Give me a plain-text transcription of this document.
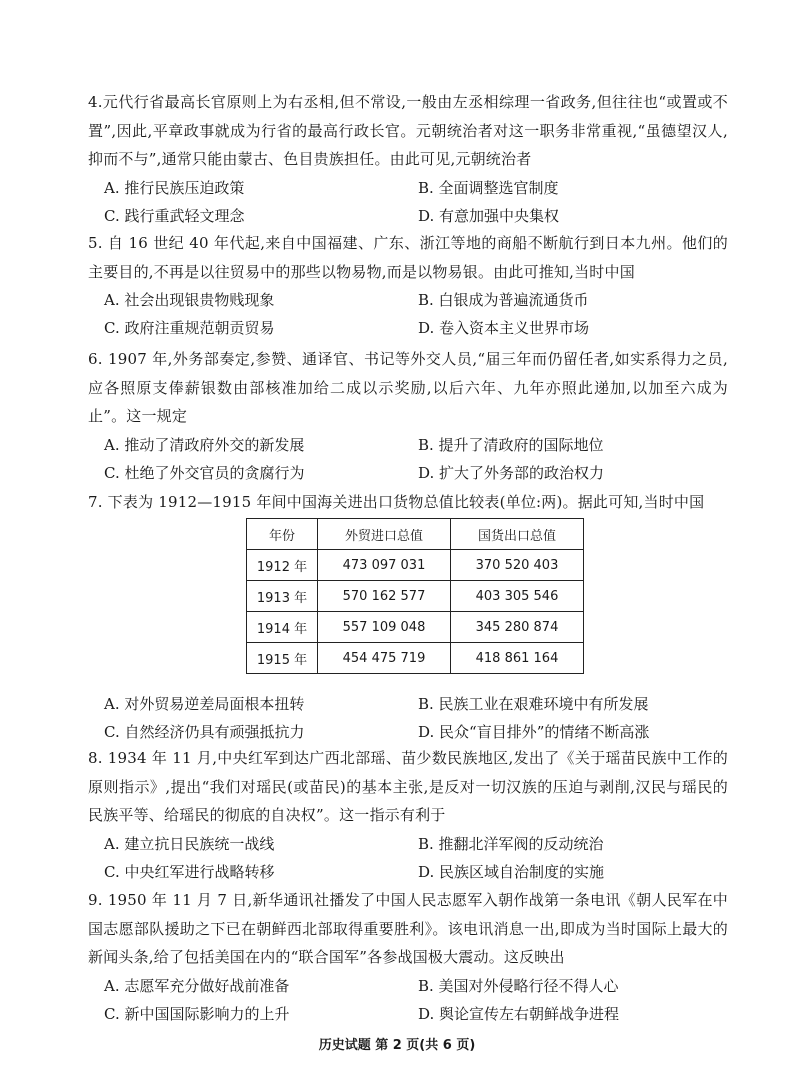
4.元代行省最高长官原则上为右丞相,但不常设,一般由左丞相综理一省政务,但往往也“或置或不置”,因此,平章政事就成为行省的最高行政长官。元朝统治者对这一职务非常重视,“虽德望汉人,抑而不与”,通常只能由蒙古、色目贵族担任。由此可见,元朝统治者

A. 推行民族压迫政策	B. 全面调整选官制度
C. 践行重武轻文理念	D. 有意加强中央集权

5. 自 16 世纪 40 年代起,来自中国福建、广东、浙江等地的商船不断航行到日本九州。他们的主要目的,不再是以往贸易中的那些以物易物,而是以物易银。由此可推知,当时中国

A. 社会出现银贵物贱现象	B. 白银成为普遍流通货币
C. 政府注重规范朝贡贸易	D. 卷入资本主义世界市场

6. 1907 年,外务部奏定,参赞、通译官、书记等外交人员,“届三年而仍留任者,如实系得力之员,应各照原支俸薪银数由部核准加给二成以示奖励,以后六年、九年亦照此递加,以加至六成为止”。这一规定

A. 推动了清政府外交的新发展	B. 提升了清政府的国际地位
C. 杜绝了外交官员的贪腐行为	D. 扩大了外务部的政治权力

7. 下表为 1912—1915 年间中国海关进出口货物总值比较表(单位:两)。据此可知,当时中国

年份	外贸进口总值	国货出口总值
1912 年	473 097 031	370 520 403
1913 年	570 162 577	403 305 546
1914 年	557 109 048	345 280 874
1915 年	454 475 719	418 861 164
A. 对外贸易逆差局面根本扭转	B. 民族工业在艰难环境中有所发展
C. 自然经济仍具有顽强抵抗力	D. 民众“盲目排外”的情绪不断高涨

8. 1934 年 11 月,中央红军到达广西北部瑶、苗少数民族地区,发出了《关于瑶苗民族中工作的原则指示》,提出“我们对瑶民(或苗民)的基本主张,是反对一切汉族的压迫与剥削,汉民与瑶民的民族平等、给瑶民的彻底的自决权”。这一指示有利于

A. 建立抗日民族统一战线	B. 推翻北洋军阀的反动统治
C. 中央红军进行战略转移	D. 民族区域自治制度的实施

9. 1950 年 11 月 7 日,新华通讯社播发了中国人民志愿军入朝作战第一条电讯《朝人民军在中国志愿部队援助之下已在朝鲜西北部取得重要胜利》。该电讯消息一出,即成为当时国际上最大的新闻头条,给了包括美国在内的“联合国军”各参战国极大震动。这反映出

A. 志愿军充分做好战前准备	B. 美国对外侵略行径不得人心
C. 新中国国际影响力的上升	D. 舆论宣传左右朝鲜战争进程
历史试题 第 2 页(共 6 页)
